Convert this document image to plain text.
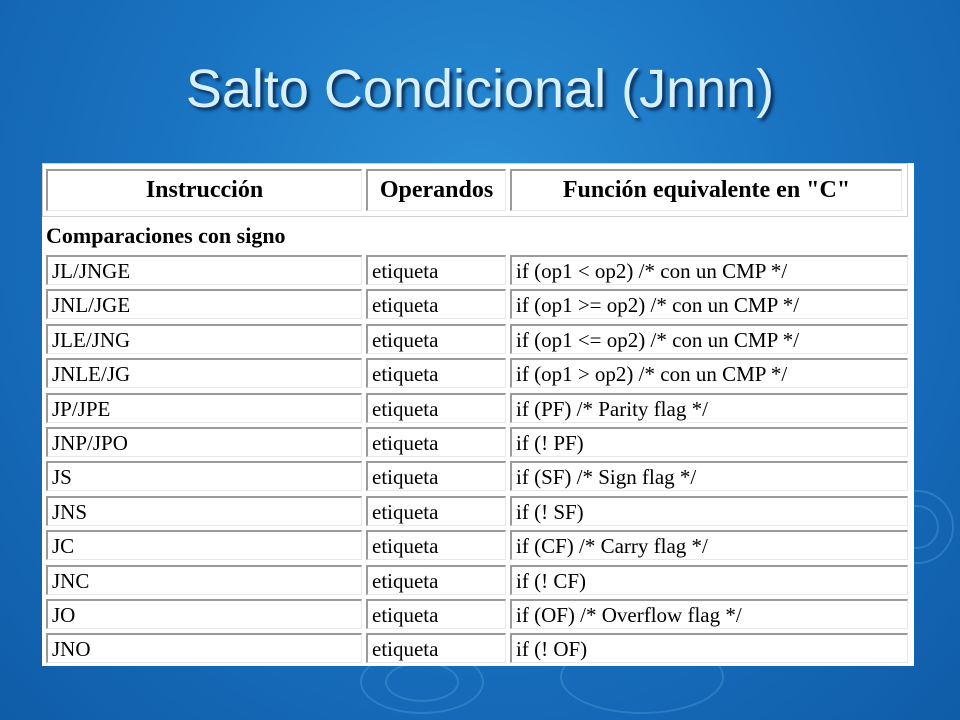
Salto Condicional (Jnnn)
Instrucción	Operandos	Función equivalente en "C"
Comparaciones con signo
JL/JNGE	etiqueta	if (op1 < op2) /* con un CMP */
JNL/JGE	etiqueta	if (op1 >= op2) /* con un CMP */
JLE/JNG	etiqueta	if (op1 <= op2) /* con un CMP */
JNLE/JG	etiqueta	if (op1 > op2) /* con un CMP */
JP/JPE	etiqueta	if (PF) /* Parity flag */
JNP/JPO	etiqueta	if (! PF)
JS	etiqueta	if (SF) /* Sign flag */
JNS	etiqueta	if (! SF)
JC	etiqueta	if (CF) /* Carry flag */
JNC	etiqueta	if (! CF)
JO	etiqueta	if (OF) /* Overflow flag */
JNO	etiqueta	if (! OF)
